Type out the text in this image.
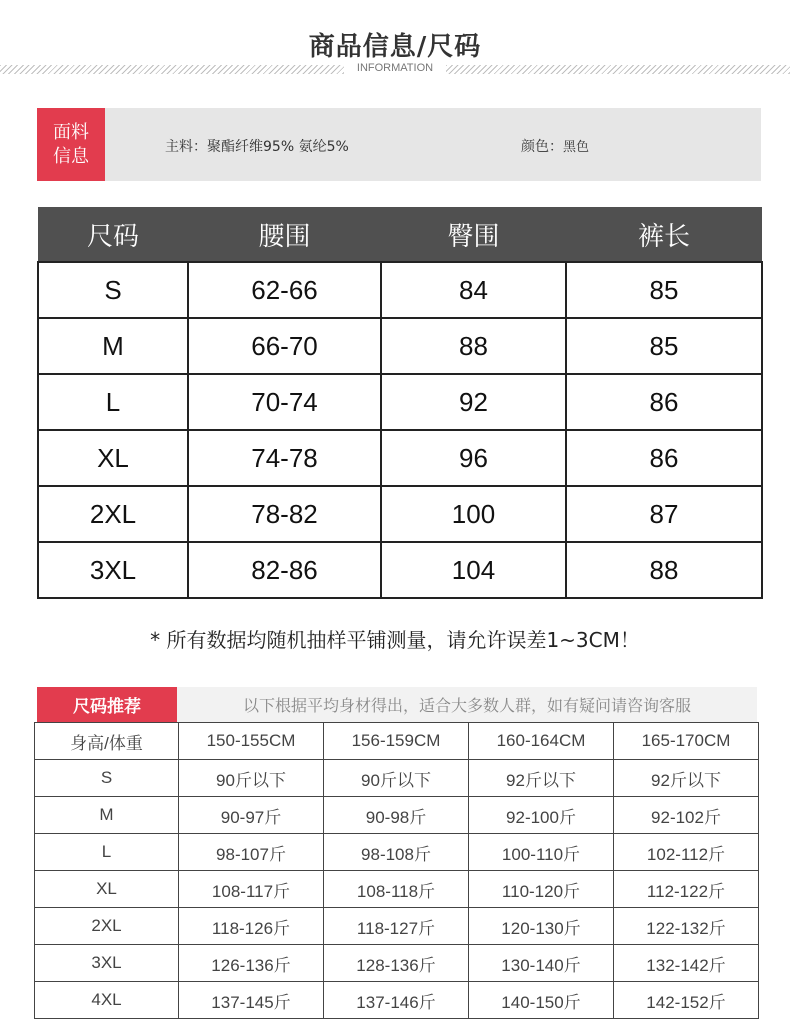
商品信息/尺码
INFORMATION
面料
信息	主料：聚酯纤维95% 氨纶5%	颜色：黑色
尺码	腰围	臀围	裤长
S	62-66	84	85
M	66-70	88	85
L	70-74	92	86
XL	74-78	96	86
2XL	78-82	100	87
3XL	82-86	104	88
* 所有数据均随机抽样平铺测量，请允许误差1~3CM！
尺码推荐	以下根据平均身材得出，适合大多数人群，如有疑问请咨询客服
身高/体重	150-155CM	156-159CM	160-164CM	165-170CM
S	90斤以下	90斤以下	92斤以下	92斤以下
M	90-97斤	90-98斤	92-100斤	92-102斤
L	98-107斤	98-108斤	100-110斤	102-112斤
XL	108-117斤	108-118斤	110-120斤	112-122斤
2XL	118-126斤	118-127斤	120-130斤	122-132斤
3XL	126-136斤	128-136斤	130-140斤	132-142斤
4XL	137-145斤	137-146斤	140-150斤	142-152斤
